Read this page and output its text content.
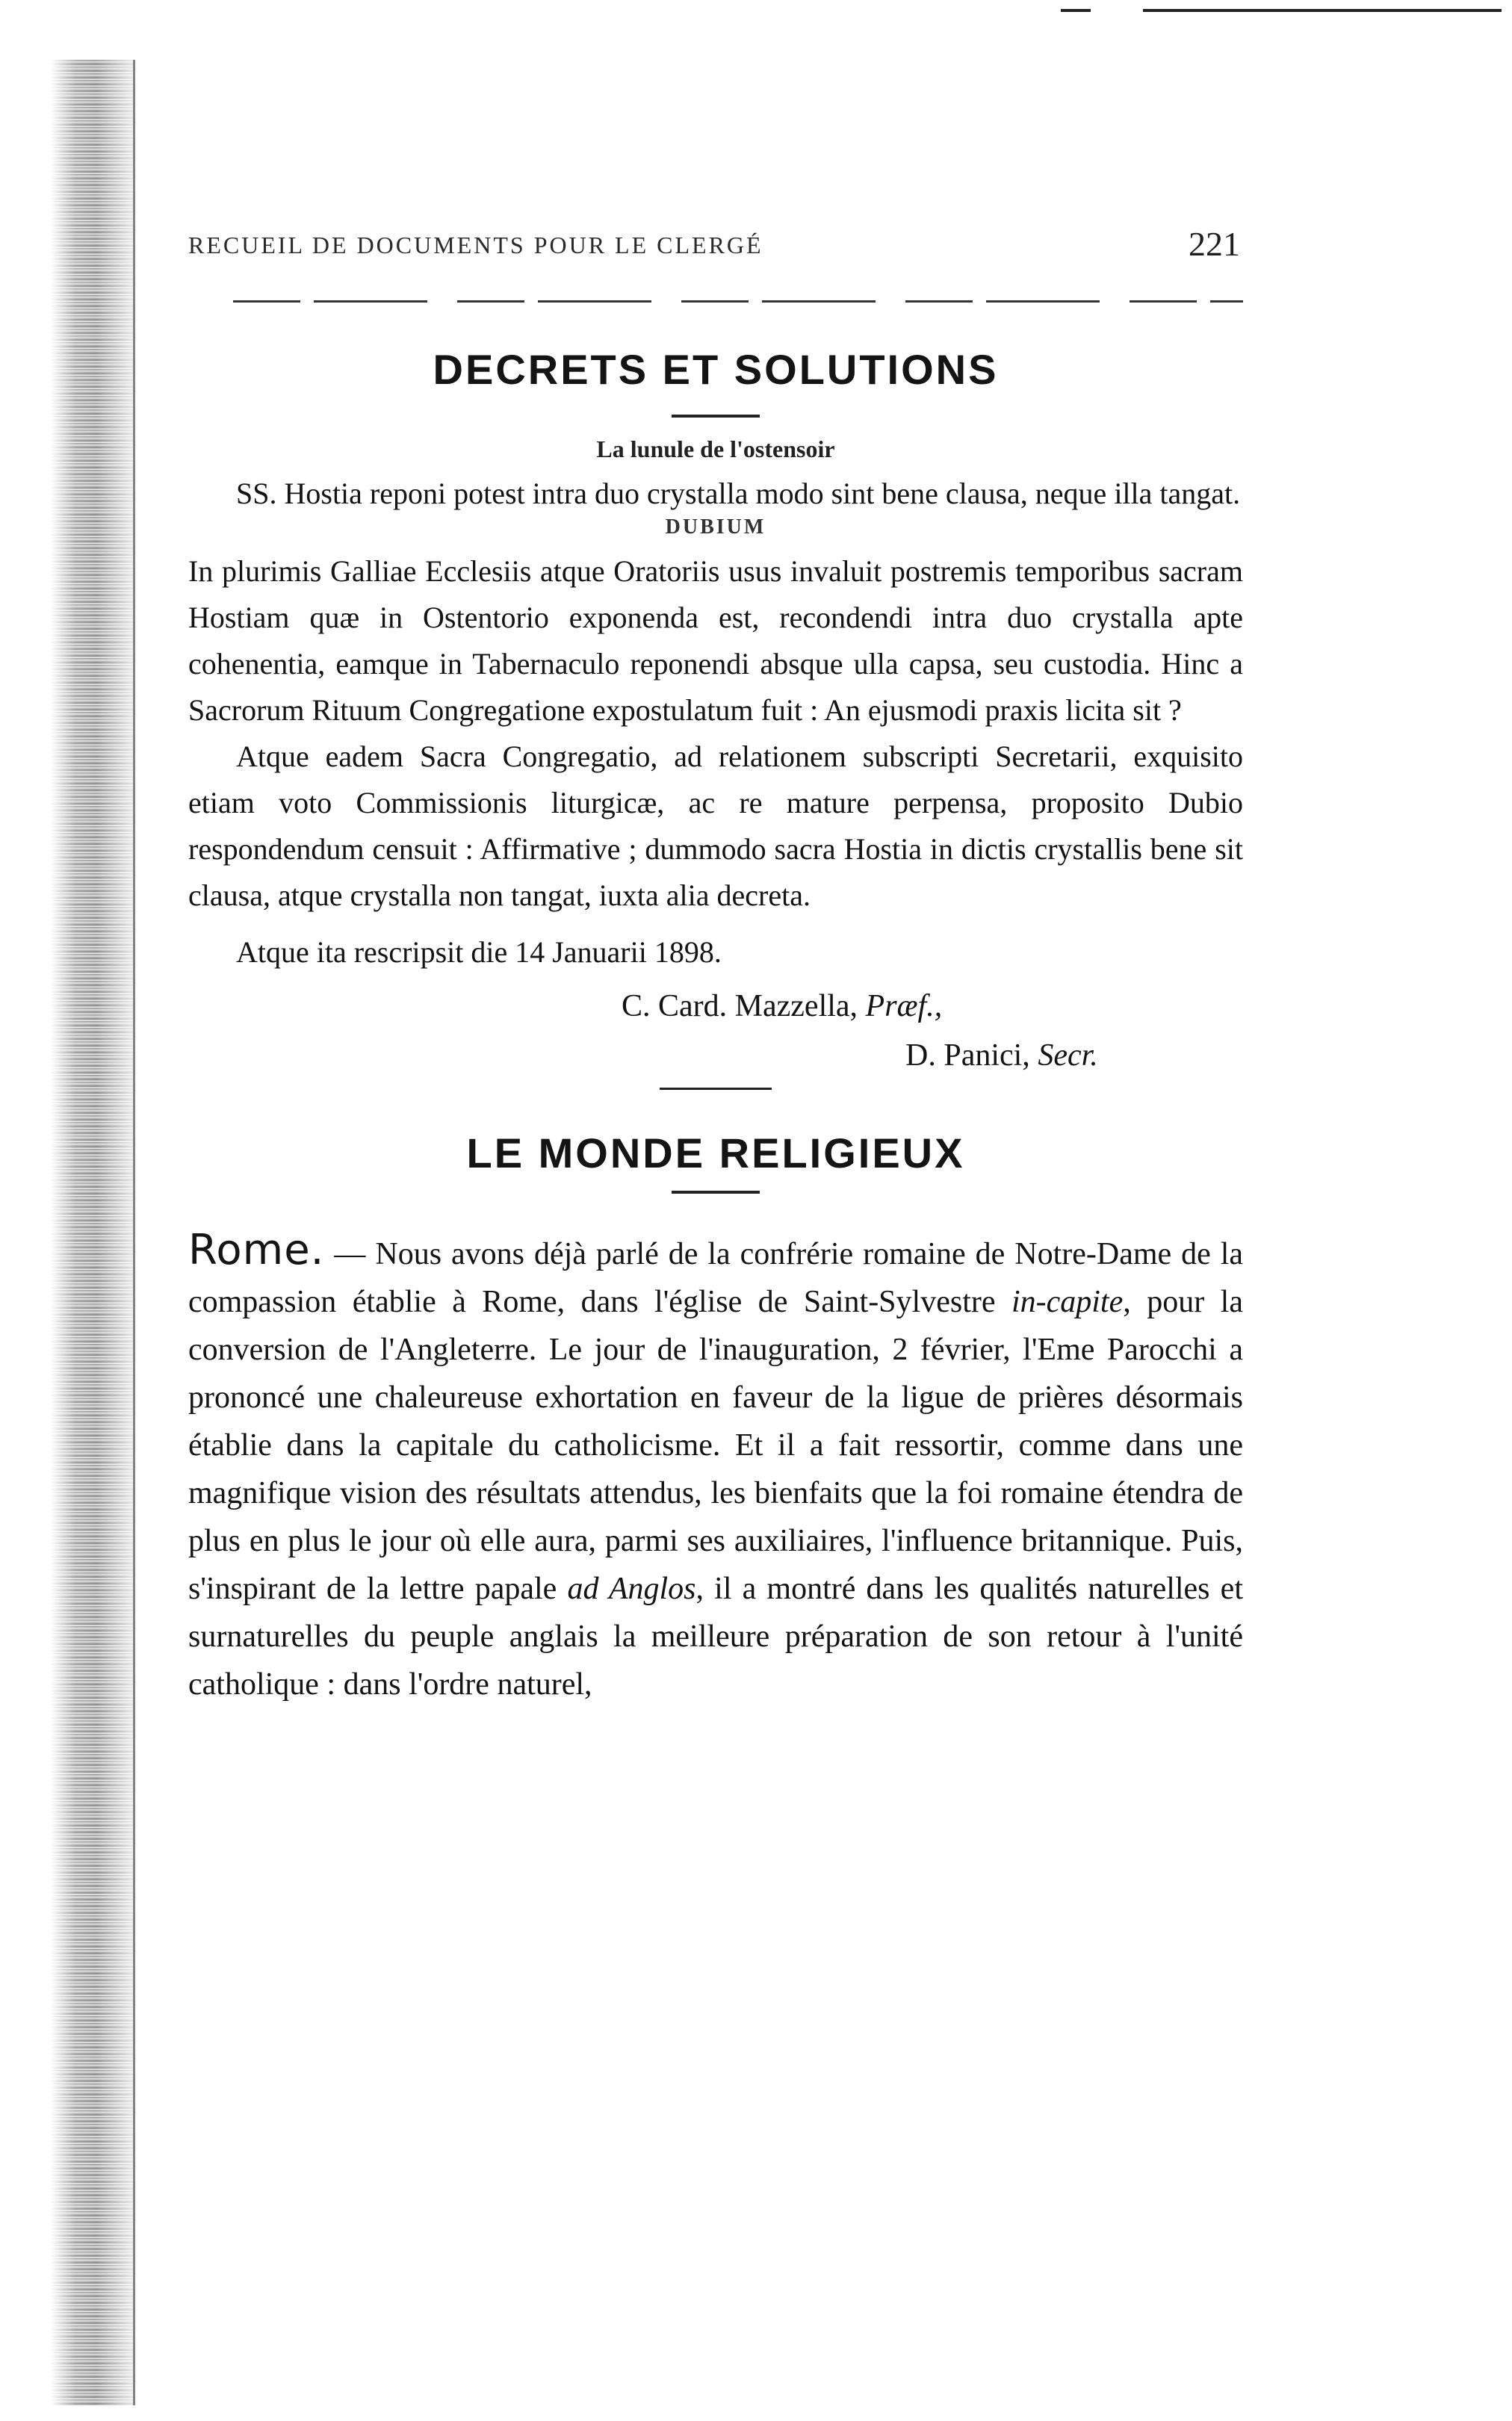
RECUEIL DE DOCUMENTS POUR LE CLERGÉ	221
DECRETS ET SOLUTIONS
La lunule de l'ostensoir

SS. Hostia reponi potest intra duo crystalla modo sint bene clausa, neque illa tangat.

DUBIUM

In plurimis Galliae Ecclesiis atque Oratoriis usus invaluit postremis temporibus sacram Hostiam quæ in Ostentorio exponenda est, recondendi intra duo crystalla apte cohenentia, eamque in Tabernaculo reponendi absque ulla capsa, seu custodia. Hinc a Sacrorum Rituum Congregatione expostulatum fuit : An ejusmodi praxis licita sit ?

Atque eadem Sacra Congregatio, ad relationem subscripti Secretarii, exquisito etiam voto Commissionis liturgicæ, ac re mature perpensa, proposito Dubio respondendum censuit : Affirmative ; dummodo sacra Hostia in dictis crystallis bene sit clausa, atque crystalla non tangat, iuxta alia decreta.

Atque ita rescripsit die 14 Januarii 1898.

C. Card. Mazzella, Præf.,
D. Panici, Secr.
LE MONDE RELIGIEUX

Rome. — Nous avons déjà parlé de la confrérie romaine de Notre-Dame de la compassion établie à Rome, dans l'église de Saint-Sylvestre in-capite, pour la conversion de l'Angleterre. Le jour de l'inauguration, 2 février, l'Eme Parocchi a prononcé une chaleureuse exhortation en faveur de la ligue de prières désormais établie dans la capitale du catholicisme. Et il a fait ressortir, comme dans une magnifique vision des résultats attendus, les bienfaits que la foi romaine étendra de plus en plus le jour où elle aura, parmi ses auxiliaires, l'influence britannique. Puis, s'inspirant de la lettre papale ad Anglos, il a montré dans les qualités naturelles et surnaturelles du peuple anglais la meilleure préparation de son retour à l'unité catholique : dans l'ordre naturel,
